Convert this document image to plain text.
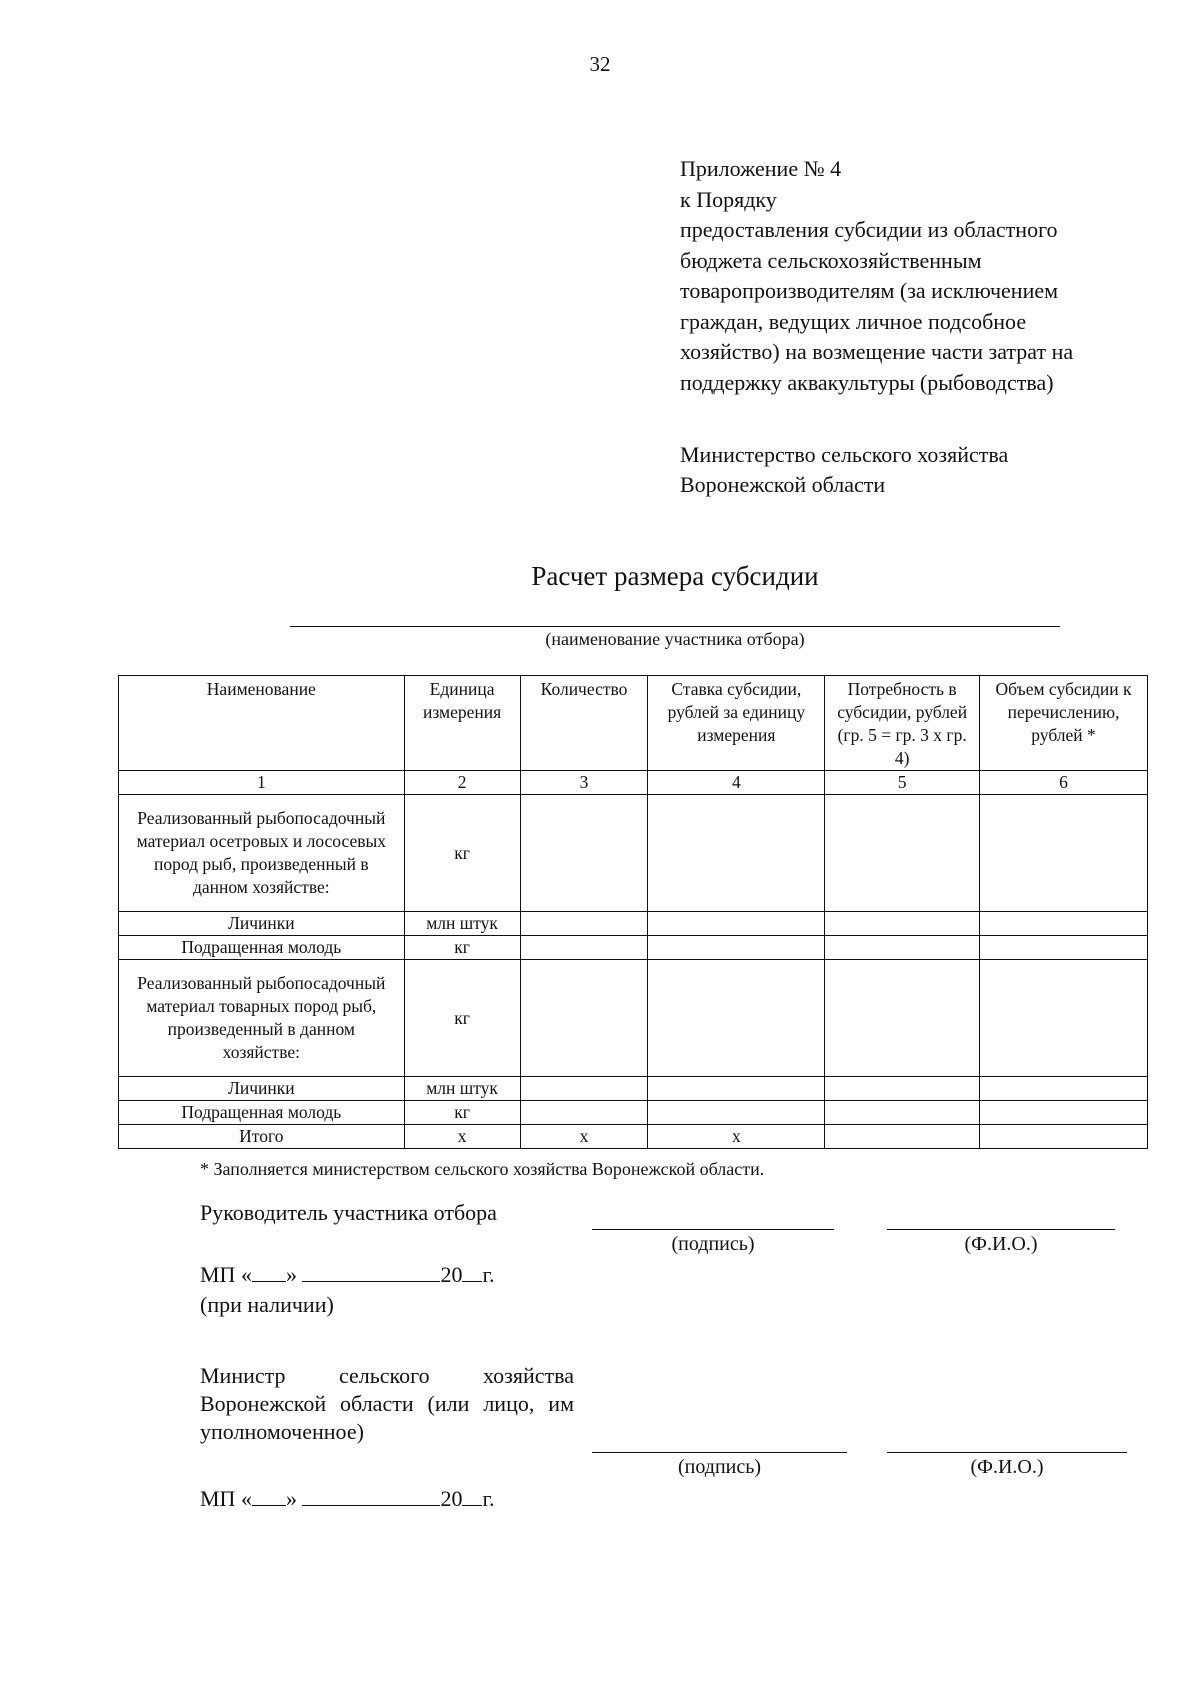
32
Приложение № 4
к Порядку
предоставления субсидии из областного
бюджета сельскохозяйственным
товаропроизводителям (за исключением
граждан, ведущих личное подсобное
хозяйство) на возмещение части затрат на
поддержку аквакультуры (рыбоводства)
Министерство сельского хозяйства
Воронежской области
Расчет размера субсидии
(наименование участника отбора)
Наименование	Единица измерения	Количество	Ставка субсидии, рублей за единицу измерения	Потребность в субсидии, рублей (гр. 5 = гр. 3 х гр. 4)	Объем субсидии к перечислению, рублей *
1	2	3	4	5	6
Реализованный рыбопосадочный материал осетровых и лососевых пород рыб, произведенный в данном хозяйстве:	кг				
Личинки	млн штук				
Подращенная молодь	кг				
Реализованный рыбопосадочный материал товарных пород рыб, произведенный в данном хозяйстве:	кг				
Личинки	млн штук				
Подращенная молодь	кг				
Итого	х	х	х		
* Заполняется министерством сельского хозяйства Воронежской области.
Руководитель участника отбора
(подпись)	(Ф.И.О.)
МП « »	20 г.
(при наличии)
Министр сельского хозяйства Воронежской области (или лицо, им уполномоченное)
(подпись)	(Ф.И.О.)
МП « »	20 г.
